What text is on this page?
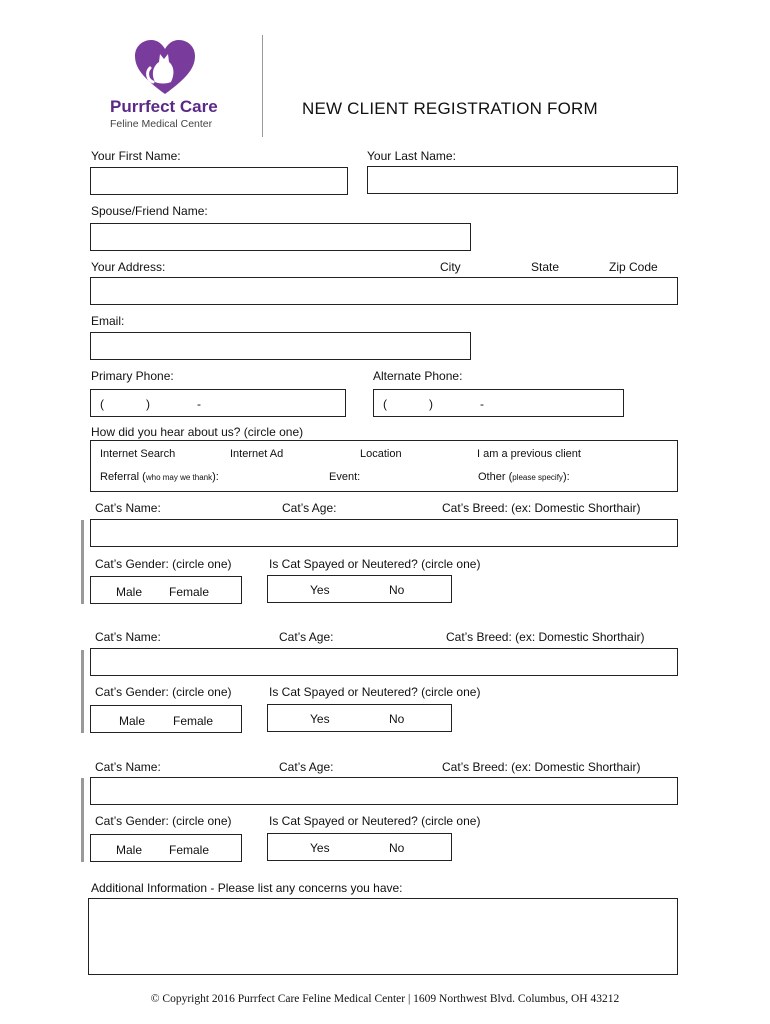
Purrfect Care
Feline Medical Center
NEW CLIENT REGISTRATION FORM
Your First Name:	Your Last Name:
Spouse/Friend Name:
Your Address:	City	State	Zip Code
Email:
Primary Phone:	Alternate Phone:
(	)	-	(	)	-
How did you hear about us? (circle one)
Internet Search	Internet Ad	Location	I am a previous client
Referral (who may we thank):	Event:	Other (please specify):
Cat’s Name:	Cat’s Age:	Cat’s Breed: (ex: Domestic Shorthair)
Cat’s Gender: (circle one)	Is Cat Spayed or Neutered? (circle one)
Male Female	Yes	No
Cat’s Name:	Cat’s Age:	Cat’s Breed: (ex: Domestic Shorthair)
Cat’s Gender: (circle one)	Is Cat Spayed or Neutered? (circle one)
Male Female	Yes	No
Cat’s Name:	Cat’s Age:	Cat’s Breed: (ex: Domestic Shorthair)
Cat’s Gender: (circle one)	Is Cat Spayed or Neutered? (circle one)
Male Female	Yes	No
Additional Information - Please list any concerns you have:
© Copyright 2016 Purrfect Care Feline Medical Center | 1609 Northwest Blvd. Columbus, OH 43212
